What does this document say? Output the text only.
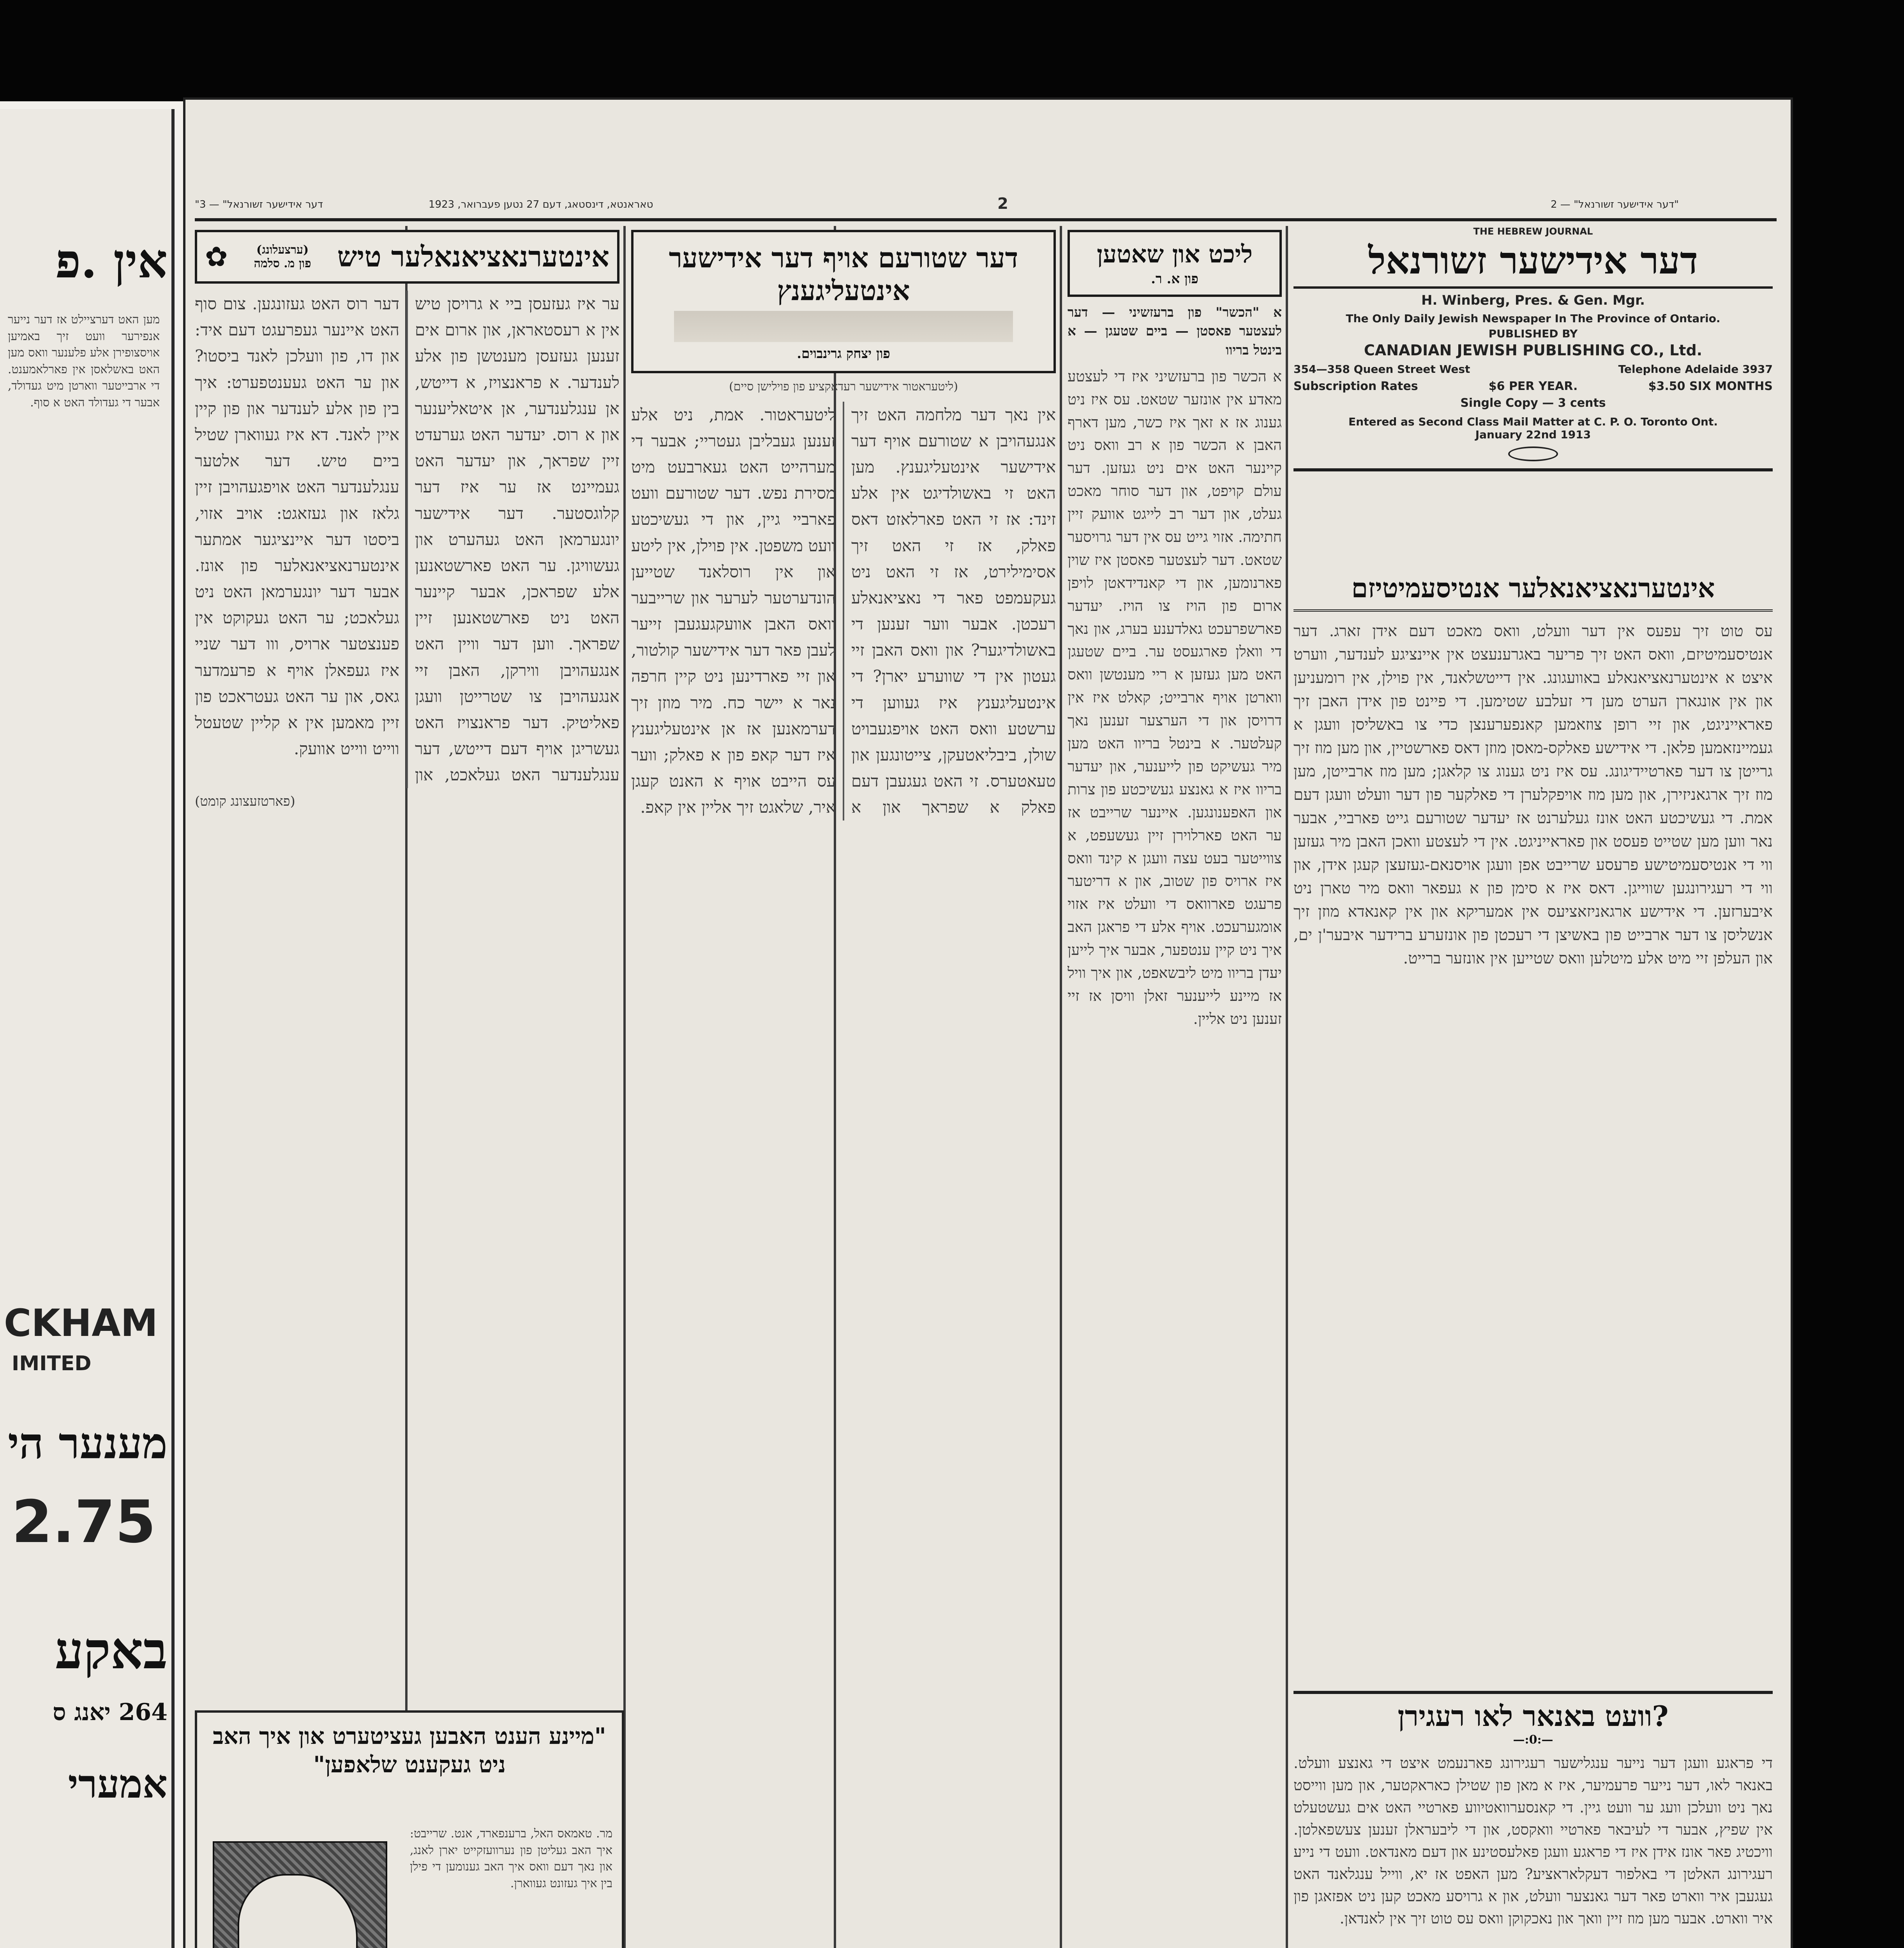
אין .פ
מען האט דערציילט אז דער נייער אנפירער וועט זיך באמיען אויסצופירן אלע פלענער וואס מען האט באשלאסן אין פארלאמענט. די ארבייטער ווארטן מיט געדולד, אבער די געדולד האט א סוף.
CKHAM
IMITED
מענער הי
2.75
באקע
264 יאנג ס
אמערי
"דער אידישער זשורנאל" — 3	טאראנטא, דינסטאג, דעם 27 נטען פעברואר, 1923	2	"דער אידישער זשורנאל" — 2
THE HEBREW JOURNAL
דער אידישער זשורנאל
H. Winberg, Pres. & Gen. Mgr.
The Only Daily Jewish Newspaper In The Province of Ontario.
PUBLISHED BY
CANADIAN JEWISH PUBLISHING CO., Ltd.
354—358 Queen Street West	Telephone Adelaide 3937
Subscription Rates	$6 PER YEAR.	$3.50 SIX MONTHS
Single Copy — 3 cents
Entered as Second Class Mail Matter at C. P. O. Toronto Ont.
January 22nd 1913
אינטערנאציאנאלער אנטיסעמיטיזם
עס טוט זיך עפעס אין דער וועלט, וואס מאכט דעם אידן זארג. דער אנטיסעמיטיזם, וואס האט זיך פריער באגרענעצט אין איינציגע לענדער, ווערט איצט א אינטערנאציאנאלע באוועגונג. אין דייטשלאנד, אין פוילן, אין רומעניען און אין אונגארן הערט מען די זעלבע שטימען. די פיינט פון אידן האבן זיך פאראייניגט, און זיי רופן צוזאמען קאנפערענצן כדי צו באשליסן וועגן א געמיינזאמען פלאן. די אידישע פאלקס-מאסן מוזן דאס פארשטיין, און מען מוז זיך גרייטן צו דער פארטיידיגונג. עס איז ניט גענוג צו קלאגן; מען מוז ארבייטן, מען מוז זיך ארגאניזירן, און מען מוז אויפקלערן די פאלקער פון דער וועלט וועגן דעם אמת. די געשיכטע האט אונז געלערנט אז יעדער שטורעם גייט פארביי, אבער נאר ווען מען שטייט פעסט און פאראייניגט. אין די לעצטע וואכן האבן מיר געזען ווי די אנטיסעמיטישע פרעסע שרייבט אפן וועגן אויסנאם-געזעצן קעגן אידן, און ווי די רעגירונגען שווייגן. דאס איז א סימן פון א געפאר וואס מיר טארן ניט איבערזען. די אידישע ארגאניזאציעס אין אמעריקא און אין קאנאדא מוזן זיך אנשליסן צו דער ארבייט פון באשיצן די רעכטן פון אונזערע ברידער איבער'ן ים, און העלפן זיי מיט אלע מיטלען וואס שטייען אין אונזער ברייט.
?וועט באנאר לאו רעגירן
—:0:—
די פראגע וועגן דער נייער ענגלישער רעגירונג פארנעמט איצט די גאנצע וועלט. באנאר לאו, דער נייער פרעמיער, איז א מאן פון שטילן כאראקטער, און מען ווייסט נאך ניט וועלכן וועג ער וועט גיין. די קאנסערוואטיווע פארטיי האט אים געשטעלט אין שפיץ, אבער די לעיבאר פארטיי וואקסט, און די ליבעראלן זענען צעשפאלטן. וויכטיג פאר אונז אידן איז די פראגע וועגן פאלעסטינע און דעם מאנדאט. וועט די נייע רעגירונג האלטן די באלפור דעקלאראציע? מען האפט אז יא, ווייל ענגלאנד האט געגעבן איר ווארט פאר דער גאנצער וועלט, און א גרויסע מאכט קען ניט אפזאגן פון איר ווארט. אבער מען מוז זיין וואך און נאכקוקן וואס עס טוט זיך אין לאנדאן.
ליכט און שאטען
פון א. ר.
א "הכשר" פון ברעזשיני — דער לעצטער פאסטן — ביים שטעגן — א בינטל בריוו
א הכשר פון ברעזשיני איז די לעצטע מאדע אין אונזער שטאט. עס איז ניט גענוג אז א זאך איז כשר, מען דארף האבן א הכשר פון א רב וואס ניט קיינער האט אים ניט געזען. דער עולם קויפט, און דער סוחר מאכט געלט, און דער רב לייגט אוועק זיין חתימה. אזוי גייט עס אין דער גרויסער שטאט. דער לעצטער פאסטן איז שוין פארנומען, און די קאנדידאטן לויפן ארום פון הויז צו הויז. יעדער פארשפרעכט גאלדענע בערג, און נאך די וואלן פארגעסט ער. ביים שטעגן האט מען געזען א ריי מענטשן וואס ווארטן אויף ארבייט; קאלט איז אין דרויסן און די הערצער זענען נאך קעלטער. א בינטל בריוו האט מען מיר געשיקט פון לייענער, און יעדער בריוו איז א גאנצע געשיכטע פון צרות און האפענונגען. איינער שרייבט אז ער האט פארלוירן זיין געשעפט, א צווייטער בעט עצה וועגן א קינד וואס איז ארויס פון שטוב, און א דריטער פרעגט פארוואס די וועלט איז אזוי אומגערעכט. אויף אלע די פראגן האב איך ניט קיין ענטפער, אבער איך לייען יעדן בריוו מיט ליבשאפט, און איך וויל אז מיינע לייענער זאלן וויסן אז זיי זענען ניט אליין.
דער שטורעם אויף דער אידישער אינטעליגענץ
פון יצחק גרינבוים.
(ליטעראטור אידישער רעדאקציע פון פוילישן סיים)
אין נאך דער מלחמה האט זיך אנגעהויבן א שטורעם אויף דער אידישער אינטעליגענץ. מען האט זי באשולדיגט אין אלע זינד: אז זי האט פארלאזט דאס פאלק, אז זי האט זיך אסימילירט, אז זי האט ניט געקעמפט פאר די נאציאנאלע רעכטן. אבער ווער זענען די באשולדיגער? און וואס האבן זיי געטון אין די שווערע יארן? די אינטעליגענץ איז געווען די ערשטע וואס האט אויפגעבויט שולן, ביבליאטעקן, צייטונגען און טעאטערס. זי האט געגעבן דעם פאלק א שפראך און א ליטעראטור. אמת, ניט אלע זענען געבליבן געטריי; אבער די מערהייט האט געארבעט מיט מסירת נפש. דער שטורעם וועט פארביי גיין, און די געשיכטע וועט משפטן. אין פוילן, אין ליטע און אין רוסלאנד שטייען הונדערטער לערער און שרייבער וואס האבן אוועקגעגעבן זייער לעבן פאר דער אידישער קולטור, און זיי פארדינען ניט קיין חרפה נאר א יישר כח. מיר מוזן זיך דערמאנען אז אן אינטעליגענץ איז דער קאפ פון א פאלק; ווער עס הייבט אויף א האנט קעגן איר, שלאגט זיך אליין אין קאפ.
אינטערנאציאנאלער טיש
(ערצעלונג)
פון מ. סלמה
✿
ער איז געזעסן ביי א גרויסן טיש אין א רעסטאראן, און ארום אים זענען געזעסן מענטשן פון אלע לענדער. א פראנצויז, א דייטש, אן ענגלענדער, אן איטאליענער און א רוס. יעדער האט גערעדט זיין שפראך, און יעדער האט געמיינט אז ער איז דער קלוגסטער. דער אידישער יונגערמאן האט געהערט און געשוויגן. ער האט פארשטאנען אלע שפראכן, אבער קיינער האט ניט פארשטאנען זיין שפראך. ווען דער וויין האט אנגעהויבן ווירקן, האבן זיי אנגעהויבן צו שטרייטן וועגן פאליטיק. דער פראנצויז האט געשריגן אויף דעם דייטש, דער ענגלענדער האט געלאכט, און דער רוס האט געזונגען. צום סוף האט איינער געפרעגט דעם איד: און דו, פון וועלכן לאנד ביסטו? און ער האט געענטפערט: איך בין פון אלע לענדער און פון קיין איין לאנד. דא איז געווארן שטיל ביים טיש. דער אלטער ענגלענדער האט אויפגעהויבן זיין גלאז און געזאגט: אויב אזוי, ביסטו דער איינציגער אמתער אינטערנאציאנאלער פון אונז. אבער דער יונגערמאן האט ניט געלאכט; ער האט געקוקט אין פענצטער ארויס, ווו דער שניי איז געפאלן אויף א פרעמדער גאס, און ער האט געטראכט פון זיין מאמען אין א קליין שטעטל ווייט ווייט אוועק.
(פארטזעצונג קומט)
"מיינע הענט האבען געציטערט און איך האב ניט געקענט שלאפען"
מר. טאמאס האל, ברענפארד, אנט. שרייבט: איך האב געליטן פון נערוועזקייט יארן לאנג, און נאך דעם וואס איך האב גענומען די פילן בין איך געזונט געווארן.
